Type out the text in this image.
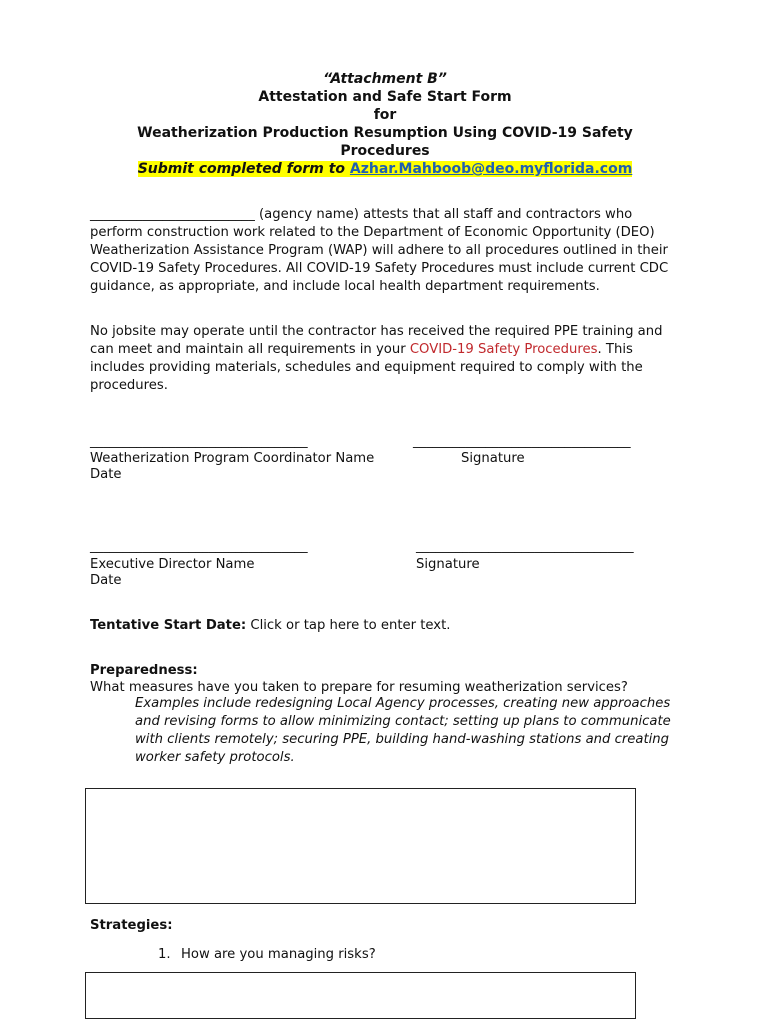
“Attachment B”
Attestation and Safe Start Form
for
Weatherization Production Resumption Using COVID-19 Safety
Procedures
Submit completed form to Azhar.Mahboob@deo.myflorida.com
_________________________ (agency name) attests that all staff and contractors who perform construction work related to the Department of Economic Opportunity (DEO) Weatherization Assistance Program (WAP) will adhere to all procedures outlined in their COVID-19 Safety Procedures. All COVID-19 Safety Procedures must include current CDC guidance, as appropriate, and include local health department requirements.
No jobsite may operate until the contractor has received the required PPE training and can meet and maintain all requirements in your COVID-19 Safety Procedures. This includes providing materials, schedules and equipment required to comply with the procedures.
_________________________________	_________________________________
Weatherization Program Coordinator Name	Signature
Date
_________________________________	_________________________________
Executive Director Name	Signature
Date
Tentative Start Date: Click or tap here to enter text.
Preparedness:
What measures have you taken to prepare for resuming weatherization services?
Examples include redesigning Local Agency processes, creating new approaches and revising forms to allow minimizing contact; setting up plans to communicate with clients remotely; securing PPE, building hand-washing stations and creating worker safety protocols.
Strategies:
1. How are you managing risks?
